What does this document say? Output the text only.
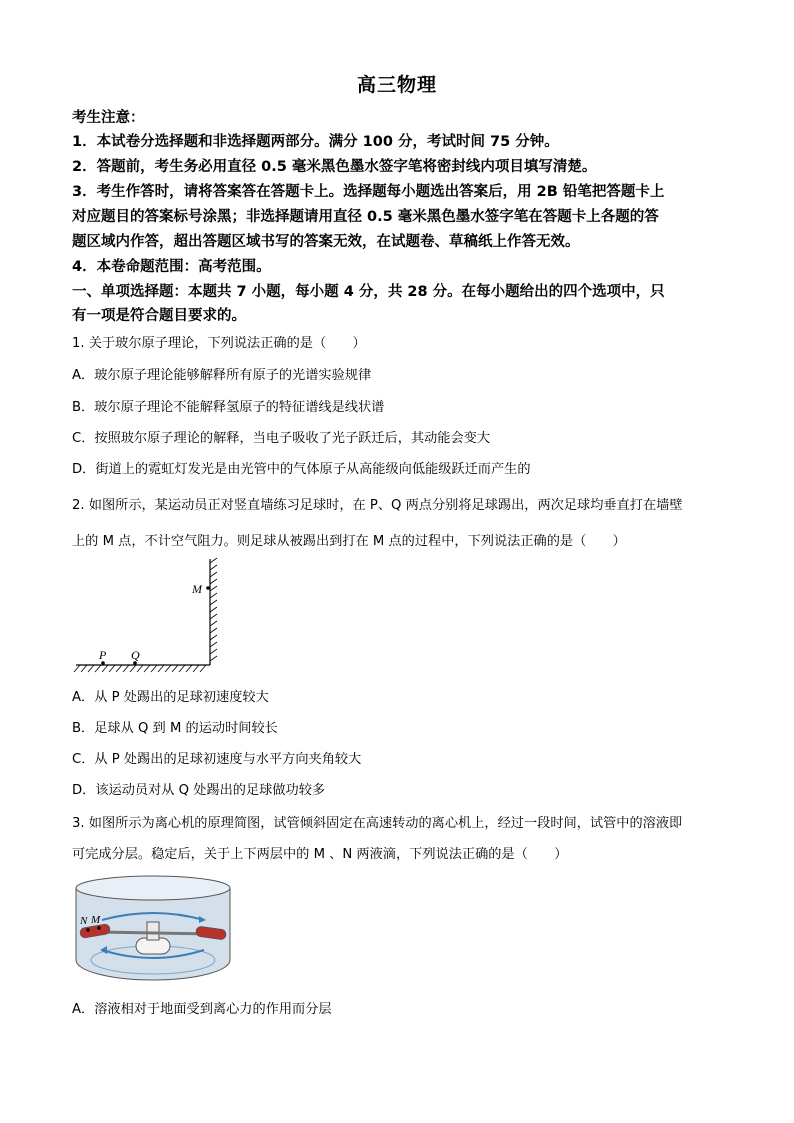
高三物理
考生注意：
1．本试卷分选择题和非选择题两部分。满分 100 分，考试时间 75 分钟。
2．答题前，考生务必用直径 0.5 毫米黑色墨水签字笔将密封线内项目填写清楚。
3．考生作答时，请将答案答在答题卡上。选择题每小题选出答案后，用 2B 铅笔把答题卡上
对应题目的答案标号涂黑；非选择题请用直径 0.5 毫米黑色墨水签字笔在答题卡上各题的答
题区域内作答，超出答题区域书写的答案无效，在试题卷、草稿纸上作答无效。
4．本卷命题范围：高考范围。
一、单项选择题：本题共 7 小题，每小题 4 分，共 28 分。在每小题给出的四个选项中，只
有一项是符合题目要求的。
1. 关于玻尔原子理论，下列说法正确的是（　　）
A．玻尔原子理论能够解释所有原子的光谱实验规律
B．玻尔原子理论不能解释氢原子的特征谱线是线状谱
C．按照玻尔原子理论的解释，当电子吸收了光子跃迁后，其动能会变大
D．街道上的霓虹灯发光是由光管中的气体原子从高能级向低能级跃迁而产生的
2. 如图所示，某运动员正对竖直墙练习足球时，在 P、Q 两点分别将足球踢出，两次足球均垂直打在墙壁
上的 M 点，不计空气阻力。则足球从被踢出到打在 M 点的过程中，下列说法正确的是（　　）
M
P Q
A．从 P 处踢出的足球初速度较大
B．足球从 Q 到 M 的运动时间较长
C．从 P 处踢出的足球初速度与水平方向夹角较大
D．该运动员对从 Q 处踢出的足球做功较多
3. 如图所示为离心机的原理简图，试管倾斜固定在高速转动的离心机上，经过一段时间，试管中的溶液即
可完成分层。稳定后，关于上下两层中的 M 、N 两液滴，下列说法正确的是（　　）
N M
A．溶液相对于地面受到离心力的作用而分层
